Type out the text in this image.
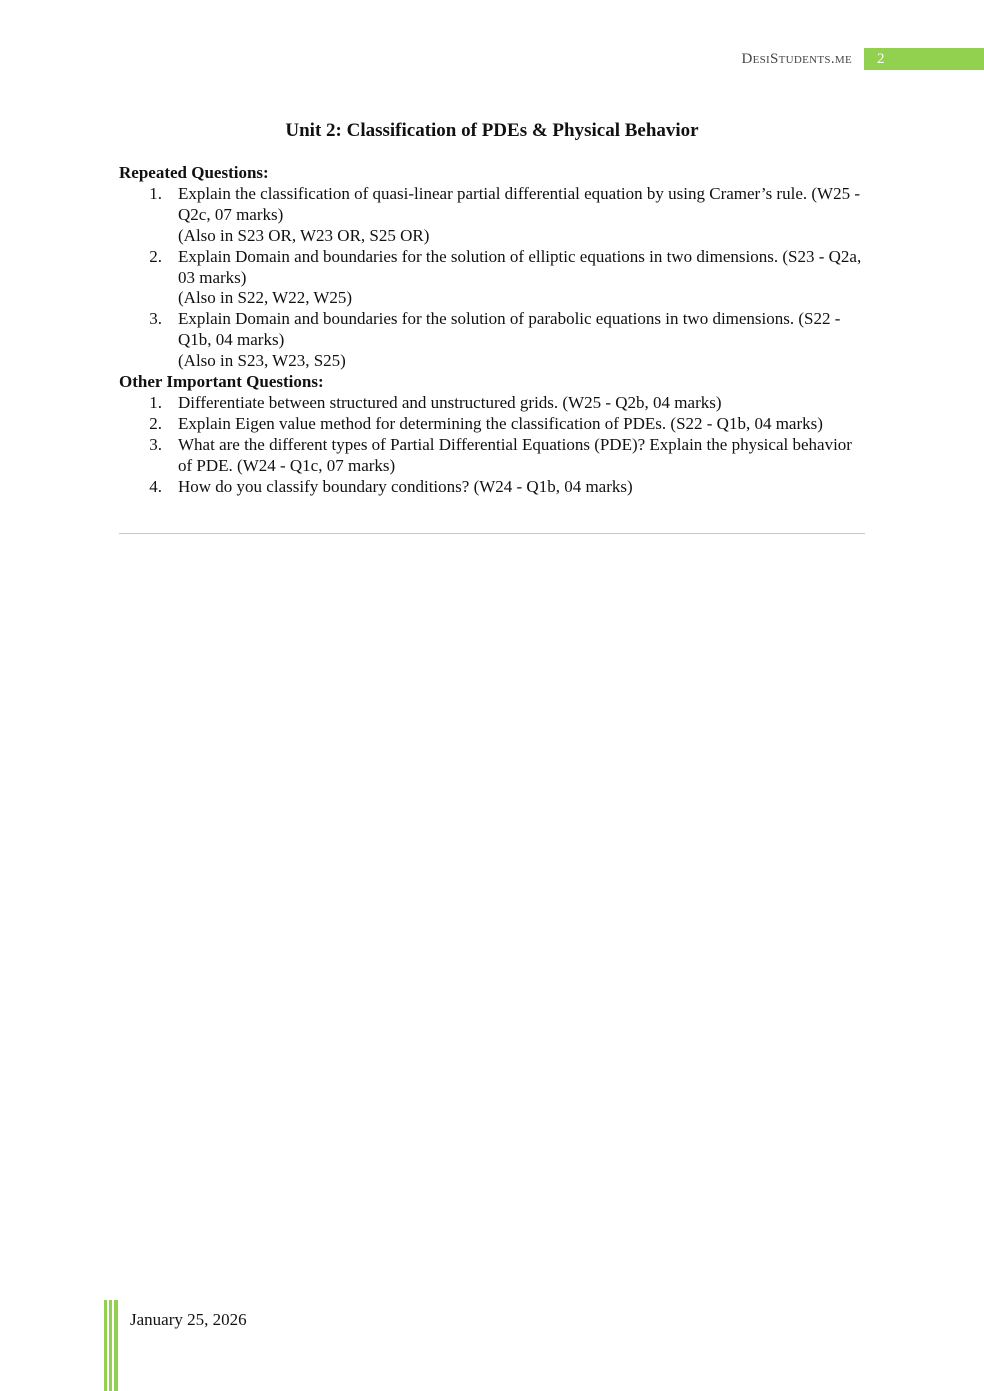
DesiStudents.me	2
Unit 2: Classification of PDEs & Physical Behavior
Repeated Questions:
1. Explain the classification of quasi-linear partial differential equation by using Cramer’s rule. (W25 - Q2c, 07 marks)
(Also in S23 OR, W23 OR, S25 OR)
2. Explain Domain and boundaries for the solution of elliptic equations in two dimensions. (S23 - Q2a, 03 marks)
(Also in S22, W22, W25)
3. Explain Domain and boundaries for the solution of parabolic equations in two dimensions. (S22 - Q1b, 04 marks)
(Also in S23, W23, S25)
Other Important Questions:
1. Differentiate between structured and unstructured grids. (W25 - Q2b, 04 marks)
2. Explain Eigen value method for determining the classification of PDEs. (S22 - Q1b, 04 marks)
3. What are the different types of Partial Differential Equations (PDE)? Explain the physical behavior of PDE. (W24 - Q1c, 07 marks)
4. How do you classify boundary conditions? (W24 - Q1b, 04 marks)
January 25, 2026
